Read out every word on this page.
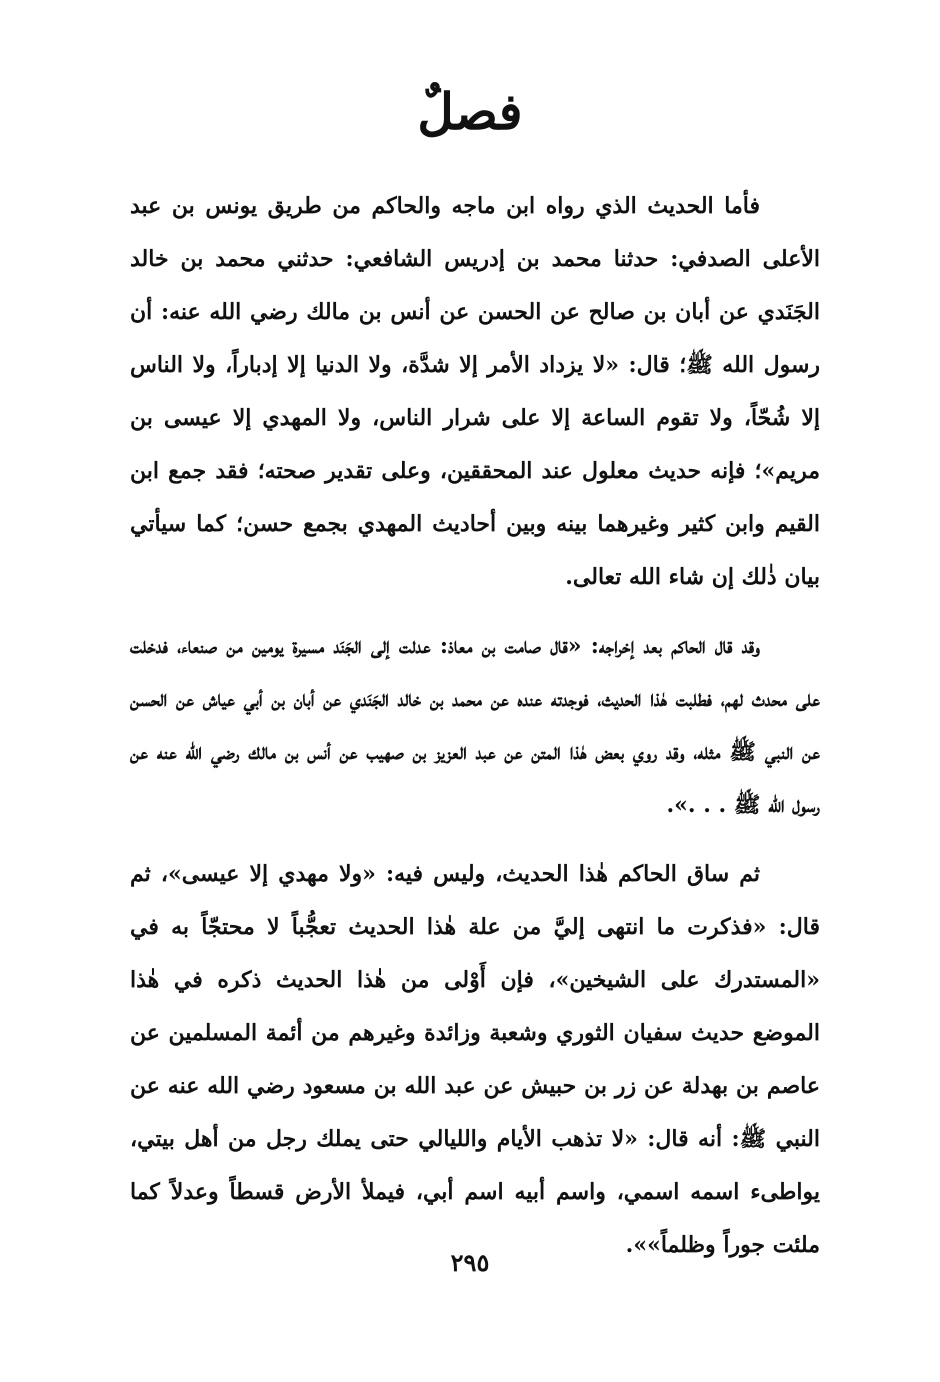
فصلٌ

فأما الحديث الذي رواه ابن ماجه والحاكم من طريق يونس بن عبد الأعلى الصدفي: حدثنا محمد بن إدريس الشافعي: حدثني محمد بن خالد الجَنَدي عن أبان بن صالح عن الحسن عن أنس بن مالك رضي الله عنه: أن رسول الله ﷺ؛ قال: «لا يزداد الأمر إلا شدَّة، ولا الدنيا إلا إدباراً، ولا الناس إلا شُحّاً، ولا تقوم الساعة إلا على شرار الناس، ولا المهدي إلا عيسى بن مريم»؛ فإنه حديث معلول عند المحققين، وعلى تقدير صحته؛ فقد جمع ابن القيم وابن كثير وغيرهما بينه وبين أحاديث المهدي بجمع حسن؛ كما سيأتي بيان ذٰلك إن شاء الله تعالى.

وقد قال الحاكم بعد إخراجه: «قال صامت بن معاذ: عدلت إلى الجَنَد مسيرة يومين من صنعاء، فدخلت على محدث لهم، فطلبت هٰذا الحديث، فوجدته عنده عن محمد بن خالد الجَنَدي عن أبان بن أبي عياش عن الحسن عن النبي ﷺ مثله، وقد روي بعض هٰذا المتن عن عبد العزيز بن صهيب عن أنس بن مالك رضي الله عنه عن رسول الله ﷺ . . .».

ثم ساق الحاكم هٰذا الحديث، وليس فيه: «ولا مهدي إلا عيسى»، ثم قال: «فذكرت ما انتهى إليَّ من علة هٰذا الحديث تعجُّباً لا محتجّاً به في «المستدرك على الشيخين»، فإن أَوْلى من هٰذا الحديث ذكره في هٰذا الموضع حديث سفيان الثوري وشعبة وزائدة وغيرهم من أئمة المسلمين عن عاصم بن بهدلة عن زر بن حبيش عن عبد الله بن مسعود رضي الله عنه عن النبي ﷺ: أنه قال: «لا تذهب الأيام والليالي حتى يملك رجل من أهل بيتي، يواطىء اسمه اسمي، واسم أبيه اسم أبي، فيملأ الأرض قسطاً وعدلاً كما ملئت جوراً وظلماً»».

٢٩٥
